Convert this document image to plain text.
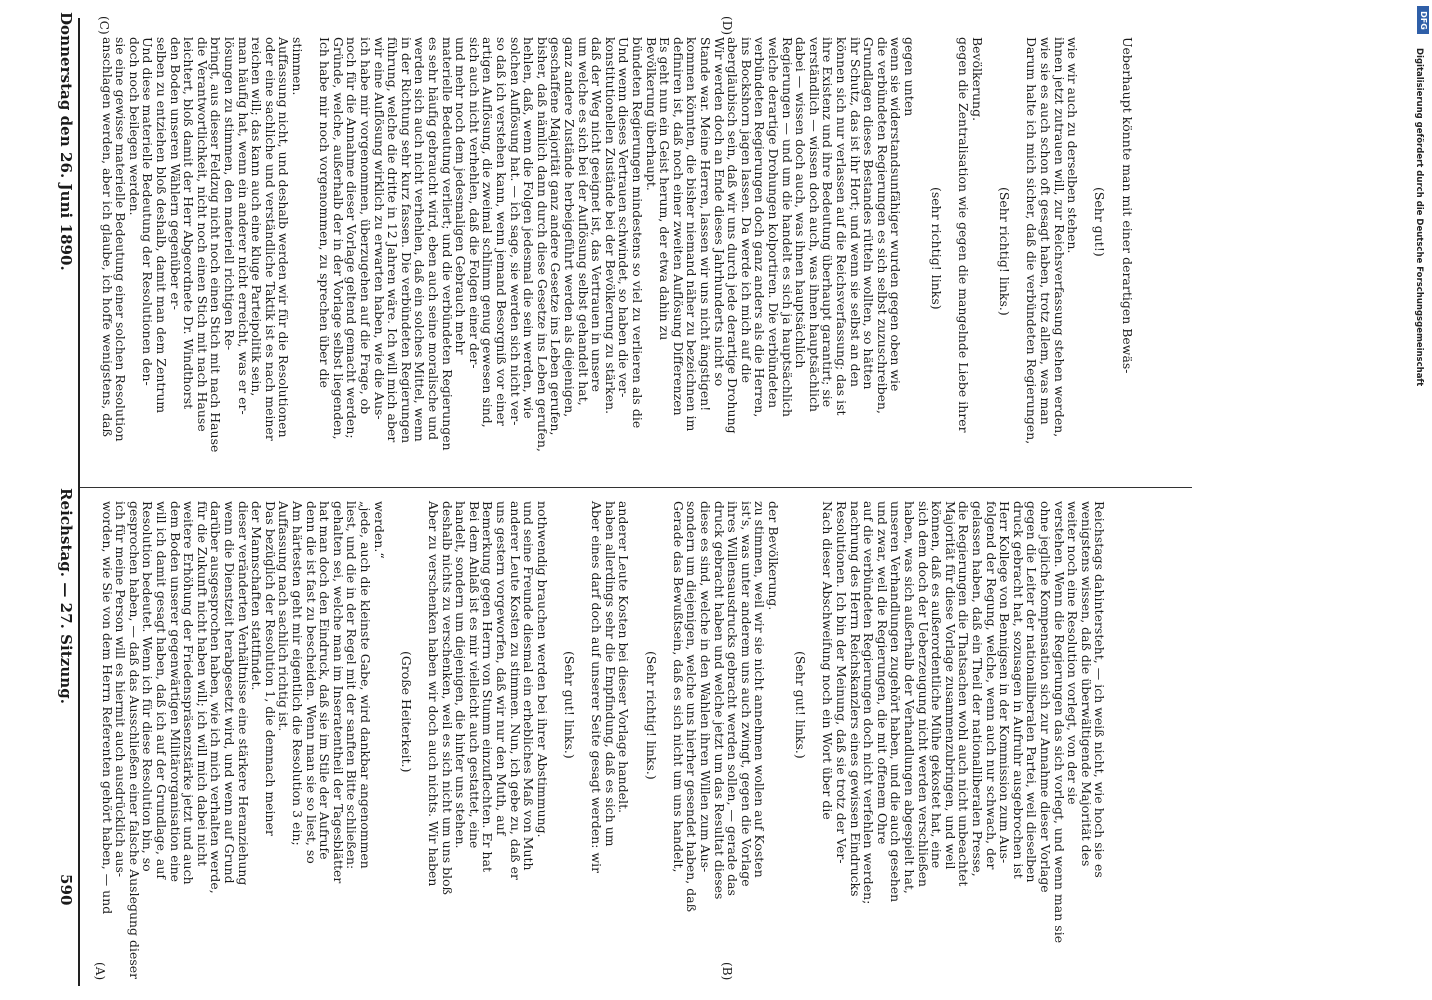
590
Reichstag. — 27. Sitzung.
Donnerstag den 26. Juni 1890.
(A)	(B)
(C)	(D)
worden, wie Sie von dem Herrn Referenten gehört haben, — und
ich für meine Person will es hiermit auch ausdrücklich aus-
gesprochen haben, — daß das Ausschließen einer falsche Auslegung dieser
Resolution bedeutet. Wenn ich für diese Resolution bin, so
will ich damit gesagt haben, daß ich auf der Grundlage, auf
dem Boden unserer gegenwärtigen Militärorganisation eine
weitere Erhöhung der Friedenspräsenzstärke jetzt und auch
für die Zukunft nicht haben will; ich will mich dabei nicht
darüber ausgesprochen haben, wie ich mich verhalten werde,
wenn die Dienstzeit herabgesetzt wird, und wenn auf Grund
dieser veränderten Verhältnisse eine stärkere Heranziehung
der Mannschaften stattfindet.
Das bezüglich der Resolution 1, die demnach meiner
Auffassung nach sachlich richtig ist.
Am härtesten geht mir eigentlich die Resolution 3 ein;
denn die ist fast zu bescheiden. Wenn man sie so liest, so
hat man doch den Eindruck, daß sie im Stile der Aufrufe
gehalten sei, welche man im Inseratentheil der Tagesblätter
liest, und die in der Regel mit der sanften Bitte schließen:
„jede, auch die kleinste Gabe, wird dankbar angenommen
werden.“
(Große Heiterkeit.) Aber zu verschenken haben wir doch auch nichts. Wir haben
deshalb nichts zu verschenken, weil es sich nicht um uns bloß
handelt, sondern um diejenigen, die hinter uns stehen.
Bei dem Anlaß ist es mir vielleicht auch gestattet, eine
Bemerkung gegen Herrn von Stumm einzuflechten. Er hat
uns gestern vorgeworfen, daß wir nur den Muth, auf
anderer Leute Kosten zu stimmen. Nun, ich gebe zu, daß er
und seine Freunde diesmal ein erhebliches Maß von Muth
nothwendig brauchen werden bei ihrer Abstimmung. (Sehr gut! links.) Aber eines darf doch auf unserer Seite gesagt werden: wir
haben allerdings sehr die Empfindung, daß es sich um
anderer Leute Kosten bei dieser Vorlage handelt. (Sehr richtig! links.) Gerade das Bewußtsein, daß es sich nicht um uns handelt,
sondern um diejenigen, welche uns hierher gesendet haben, daß
diese es sind, welche in den Wahlen ihren Willen zum Aus-
druck gebracht haben und welche jetzt um das Resultat dieses
ihres Willensausdrucks gebracht werden sollen, — gerade das
ist's, was unter anderem uns auch zwingt, gegen die Vorlage
zu stimmen, weil wir sie nicht annehmen wollen auf Kosten
der Bevölkerung.
(Sehr gut! links.) Nach dieser Abschweifung noch ein Wort über die
Resolutionen. Ich bin der Meinung, daß sie trotz der Ver-
nachrung des Herrn Reichskanzlers eines gewissen Eindrucks
auf die verbündeten Regierungen doch nicht verfehlen werden;
und zwar, weil die Regierungen, die mit offenem Ohre
unseren Verhandlungen zugehört haben, und die auch gesehen
haben, was sich außerhalb der Verhandlungen abgespielt hat,
sich dem doch der Ueberzeugung nicht werden verschließen
können, daß es außerordentliche Mühe gekostet hat, eine
Majorität für diese Vorlage zusammenzubringen, und weil
die Regierungen die Thatsachen wohl auch nicht unbeachtet
gelassen haben, daß ein Theil der nationalliberalen Presse,
folgend der Regung, welche, wenn auch nur schwach, der
Herr Kollege von Bennigsen in der Kommission zum Aus-
druck gebracht hat, sozusagen in Aufruhr ausgebrochen ist
gegen die Leiter der nationalliberalen Partei, weil dieselben
ohne jegliche Kompensation sich zur Annahme dieser Vorlage
verstehen. Wenn die Regierungen das sich vorlegt, und wenn man sie
weiter noch eine Resolution vorlegt, von der sie
wenigstens wissen, daß die überwältigende Majorität des
Reichstags dahintersteht, — ich weiß nicht, wie hoch sie es
anschlagen werden, aber ich glaube, ich hoffe wenigstens, daß
sie eine gewisse materielle Bedeutung einer solchen Resolution
doch noch beilegen werden.
Und diese materielle Bedeutung der Resolutionen den-
selben zu entziehen bloß deshalb, damit man dem Zentrum
den Boden unseren Wählern gegenüber er-
leichtert, bloß damit der Herr Abgeordnete Dr. Windthorst
die Verantwortlichkeit, nicht noch einen Stich mit nach Hause
bringt, aus dieser Feldzug nicht noch einen Stich mit nach Hause
lösungen zu stimmen, den materiell richtigen Re-
man häufig hat, wenn ein anderer nicht erreicht, was er er-
reichen will; das kann auch eine kluge Parteipolitik sein,
oder eine sachliche und verständliche Taktik ist es nach meiner
Auffassung nicht, und deshalb werden wir für die Resolutionen
stimmen. Ich habe mir noch vorgenommen, zu sprechen über die
Gründe, welche, außerhalb der in der Vorlage selbst liegenden,
noch für die Annahme dieser Vorlage geltend gemacht werden;
ich habe mir vorgenommen, überzugehen auf die Frage, ob
wir eine Auflösung wirklich zu erwarten haben, wie die Aus-
führung, welche die dritte in 12 Jahren wäre. Ich will mich aber
in der Richtung sehr kurz fassen. Die verbündeten Regierungen
werden sich auch nicht verhehlen, daß ein solches Mittel, wenn
es sehr häufig gebraucht wird, eben auch seine moralische und
materielle Bedeutung verliert; und die verbündeten Regierungen
und mehr noch dem jedesmaligen Gebrauch mehr
sich auch nicht verhehlen, daß die Folgen einer der-
artigen Auflösung, die zweimal schlimm genug gewesen sind,
so daß ich verstehen kann, wenn jemand Besorgniß vor einer
solchen Auflösung hat. — ich sage, sie werden sich nicht ver-
hehlen, daß, wenn die Folgen jedesmal die sein werden, wie
bisher, daß nämlich dann durch diese Gesetze ins Leben gerufen,
geschaffene Majorität ganz andere Gesetze ins Leben gerufen,
ganz andere Zustände herbeigeführt werden als diejenigen,
um welche es sich bei der Auflösung selbst gehandelt hat,
daß der Weg nicht geeignet ist, das Vertrauen in unsere
konstitutionellen Zustände bei der Bevölkerung zu stärken.
Und wenn dieses Vertrauen schwindet, so haben die ver-
bündeten Regierungen mindestens so viel zu verlieren als die
Bevölkerung überhaupt.
Es geht nun ein Geist herum, der etwa dahin zu
definiren ist, daß noch einer zweiten Auflösung Differenzen
kommen könnten, die bisher niemand näher zu bezeichnen im
Stande war. Meine Herren, lassen wir uns nicht ängstigen!
Wir werden doch an Ende dieses Jahrhunderts nicht so
abergläubisch sein, daß wir uns durch jede derartige Drohung
ins Bockshorn jagen lassen. Da werde ich mich auf die
verbündeten Regierungen doch ganz anders als die Herren,
welche derartige Drohungen kolportiren. Die verbündeten
Regierungen — und um die handelt es sich ja hauptsächlich
dabei — wissen doch auch, was ihnen hauptsächlich
verständlich — wissen doch auch, was ihnen hauptsächlich
ihre Existenz und ihre Bedeutung überhaupt garantirt; sie
können sich nur verlassen auf die Reichsverfassung; das ist
ihr Schutz, das ist ihr Hort; und wenn sie selbst an den
Grundlagen dieses Bestandes rütteln wollten, so hätten
die verbündeten Regierungen es sich selbst zuzuschreiben,
wenn sie widerstandsunfähiger wurden gegen oben wie
gegen unten
(sehr richtig! links) gegen die Zentralisation wie gegen die mangelnde Liebe ihrer
Bevölkerung.
(Sehr richtig! links.) Darum halte ich mich sicher, daß die verbündeten Regierungen,
wie sie es auch schon oft gesagt haben, trotz allem, was man
ihnen jetzt zutrauen will, zur Reichsverfassung stehen werden,
wie wir auch zu derselben stehen. (Sehr gut!) Ueberhaupt könnte man mit einer derartigen Bewäs-
DFG
Digitalisierung gefördert durch die Deutsche Forschungsgemeinschaft
